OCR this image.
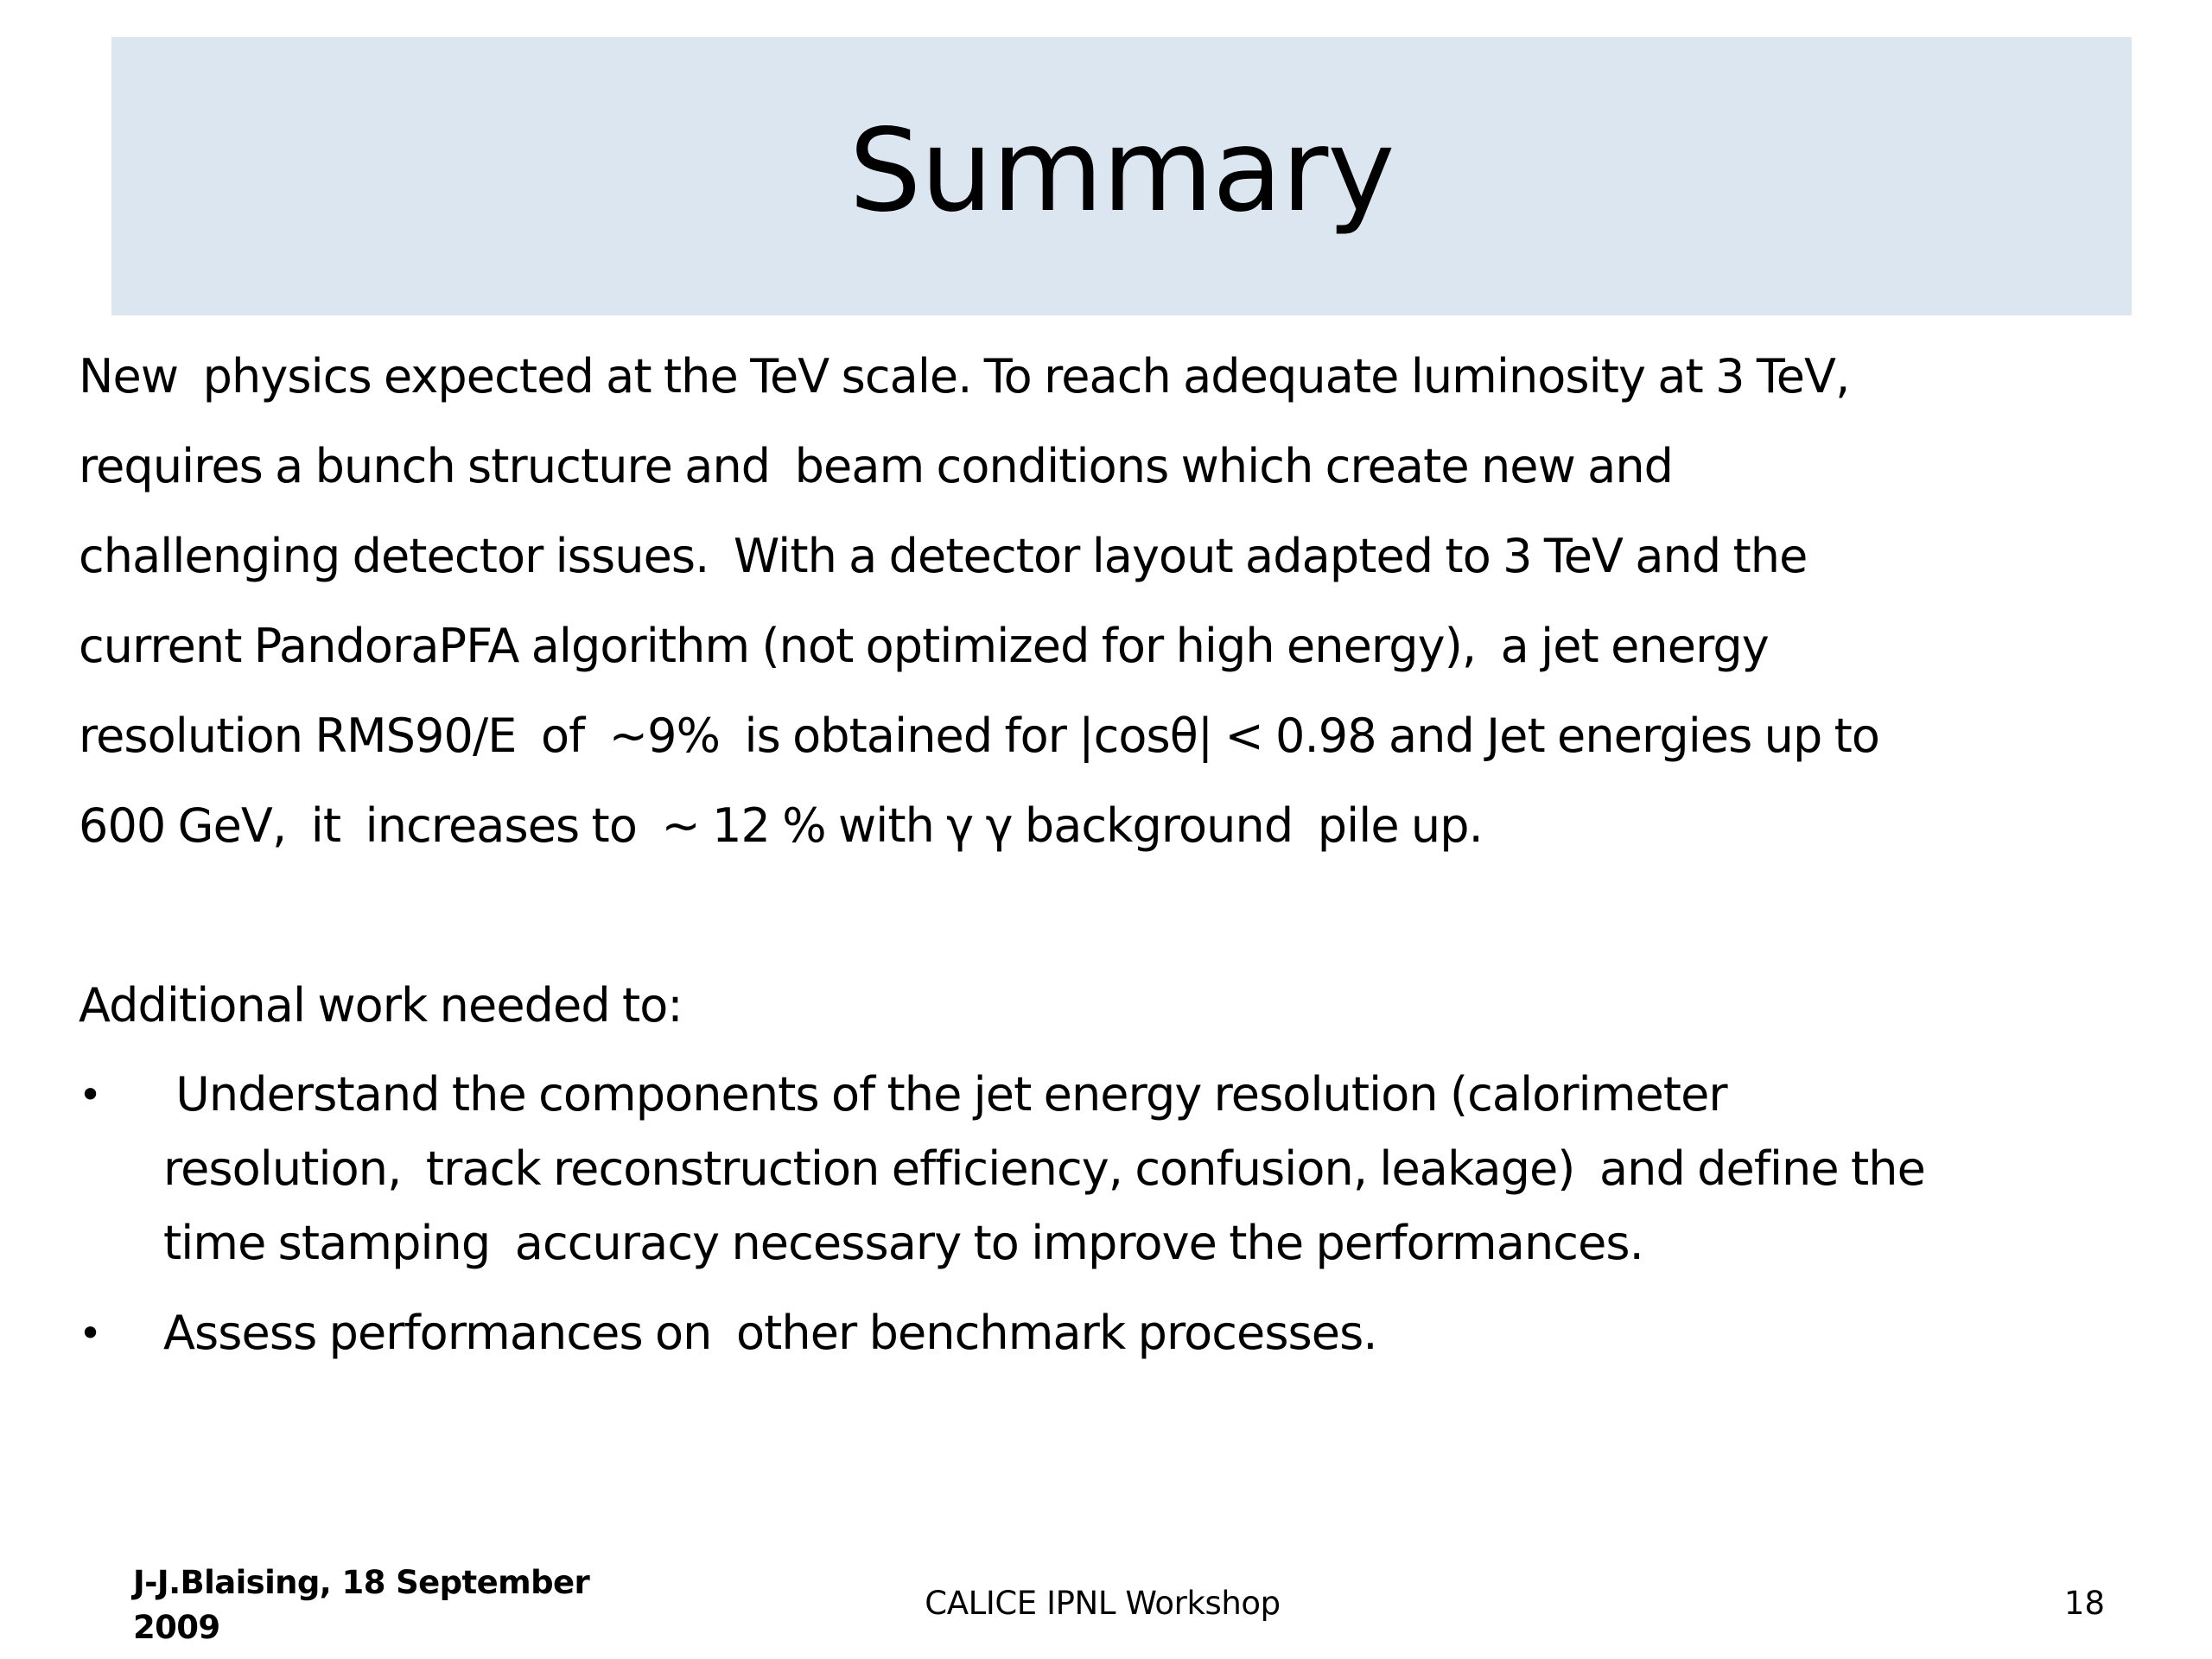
Summary

New  physics expected at the TeV scale. To reach adequate luminosity at 3 TeV,
requires a bunch structure and  beam conditions which create new and
challenging detector issues.  With a detector layout adapted to 3 TeV and the
current PandoraPFA algorithm (not optimized for high energy),  a jet energy
resolution RMS90/E  of  ~9%  is obtained for |cosθ| < 0.98 and Jet energies up to
600 GeV,  it  increases to  ~ 12 % with γ γ background  pile up.

Additional work needed to:

• Understand the components of the jet energy resolution (calorimeter
resolution,  track reconstruction efficiency, confusion, leakage)  and define the
time stamping  accuracy necessary to improve the performances.
• Assess performances on  other benchmark processes.
J-J.Blaising, 18 September
2009
CALICE IPNL Workshop	18
